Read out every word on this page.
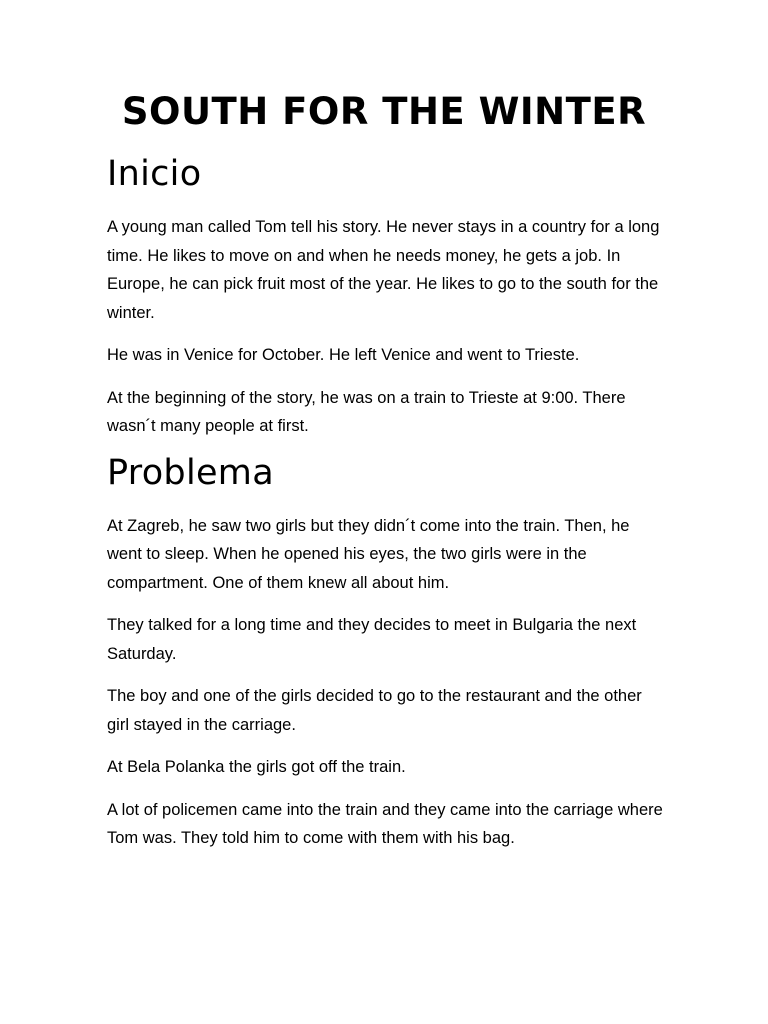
SOUTH FOR THE WINTER
Inicio

A young man called Tom tell his story. He never stays in a country for a long time. He likes to move on and when he needs money, he gets a job. In Europe, he can pick fruit most of the year. He likes to go to the south for the winter.

He was in Venice for October. He left Venice and went to Trieste.

At the beginning of the story, he was on a train to Trieste at 9:00. There wasn´t many people at first.

Problema

At Zagreb, he saw two girls but they didn´t come into the train. Then, he went to sleep. When he opened his eyes, the two girls were in the compartment. One of them knew all about him.

They talked for a long time and they decides to meet in Bulgaria the next Saturday.

The boy and one of the girls decided to go to the restaurant and the other girl stayed in the carriage.

At Bela Polanka the girls got off the train.

A lot of policemen came into the train and they came into the carriage where Tom was. They told him to come with them with his bag.
